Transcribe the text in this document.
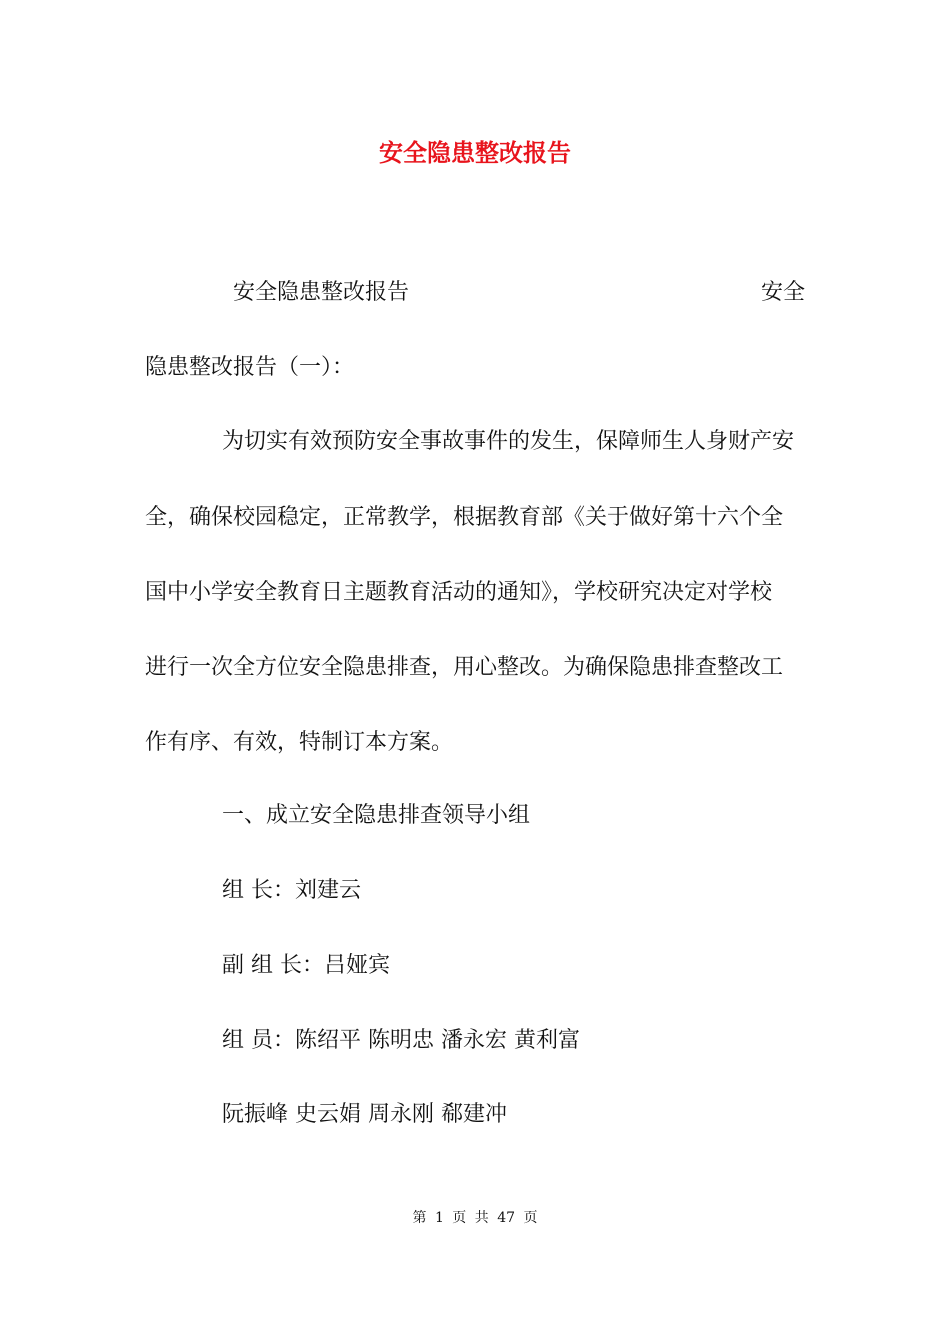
安全隐患整改报告
安全隐患整改报告	安全
隐患整改报告（一）：
为切实有效预防安全事故事件的发生，保障师生人身财产安
全，确保校园稳定，正常教学，根据教育部《关于做好第十六个全
国中小学安全教育日主题教育活动的通知》，学校研究决定对学校
进行一次全方位安全隐患排查，用心整改。为确保隐患排查整改工
作有序、有效，特制订本方案。
一、成立安全隐患排查领导小组
组 长：刘建云
副 组 长：吕娅宾
组 员：陈绍平 陈明忠 潘永宏 黄利富
阮振峰 史云娟 周永刚 郗建冲
第 1 页 共 47 页
